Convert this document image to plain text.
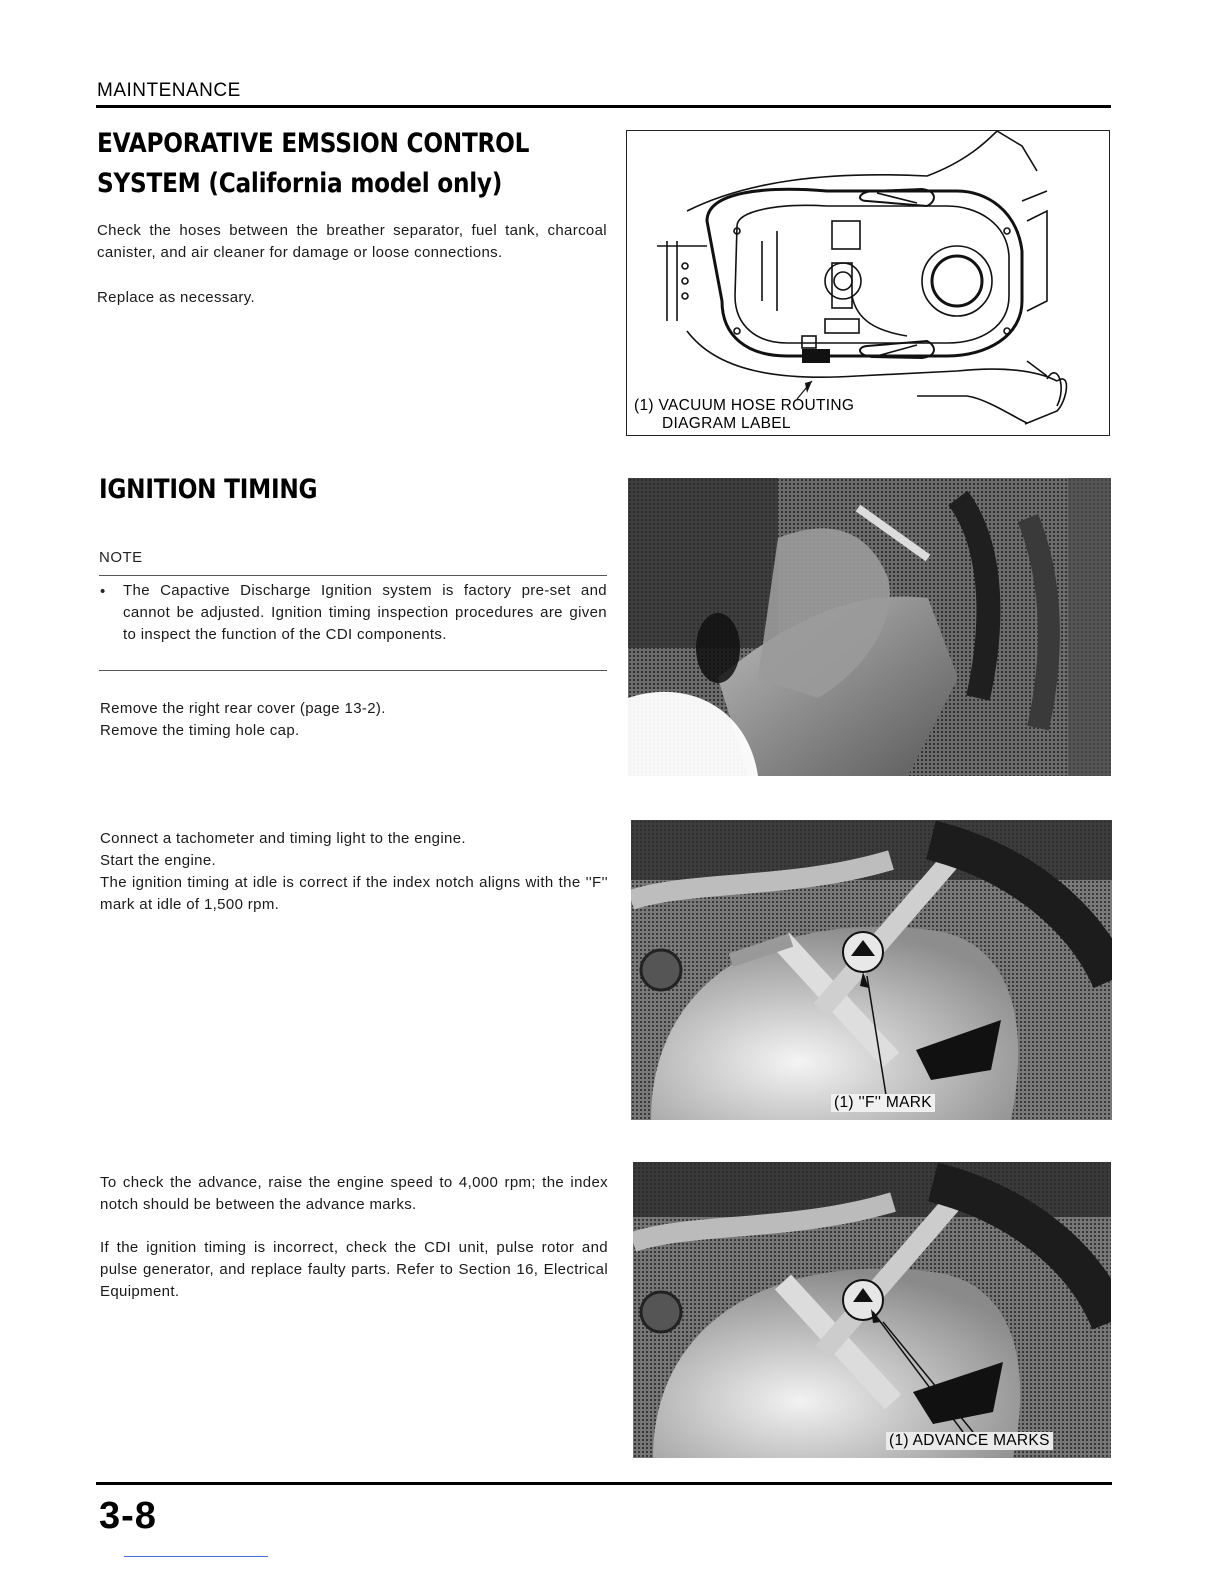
MAINTENANCE
EVAPORATIVE EMSSION CONTROL
SYSTEM (California model only)
Check the hoses between the breather separator, fuel tank, charcoal canister, and air cleaner for damage or loose connections.
Replace as necessary.
(1) VACUUM HOSE ROUTING
DIAGRAM LABEL
IGNITION TIMING
NOTE
• The Capactive Discharge Ignition system is factory pre-set and cannot be adjusted. Ignition timing inspection procedures are given to inspect the function of the CDI components.
Remove the right rear cover (page 13-2).
Remove the timing hole cap.
Connect a tachometer and timing light to the engine.
Start the engine.
The ignition timing at idle is correct if the index notch aligns with the ''F'' mark at idle of 1,500 rpm.
(1) ''F'' MARK
To check the advance, raise the engine speed to 4,000 rpm; the index notch should be between the advance marks.
If the ignition timing is incorrect, check the CDI unit, pulse rotor and pulse generator, and replace faulty parts. Refer to Section 16, Electrical Equipment.
(1) ADVANCE MARKS
3-8
